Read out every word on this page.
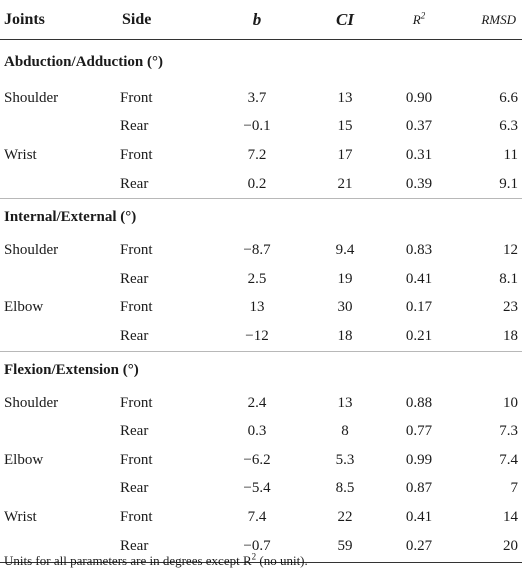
Joints	Side	b	CI	$R^2$	RMSD
Abduction/Adduction (°)					
Shoulder	Front	3.7	13	0.90	6.6
	Rear	−0.1	15	0.37	6.3
Wrist	Front	7.2	17	0.31	11
	Rear	0.2	21	0.39	9.1
Internal/External (°)					
Shoulder	Front	−8.7	9.4	0.83	12
	Rear	2.5	19	0.41	8.1
Elbow	Front	13	30	0.17	23
	Rear	−12	18	0.21	18
Flexion/Extension (°)					
Shoulder	Front	2.4	13	0.88	10
	Rear	0.3	8	0.77	7.3
Elbow	Front	−6.2	5.3	0.99	7.4
	Rear	−5.4	8.5	0.87	7
Wrist	Front	7.4	22	0.41	14
	Rear	−0.7	59	0.27	20
Units for all parameters are in degrees except $R^2$ (no unit).
